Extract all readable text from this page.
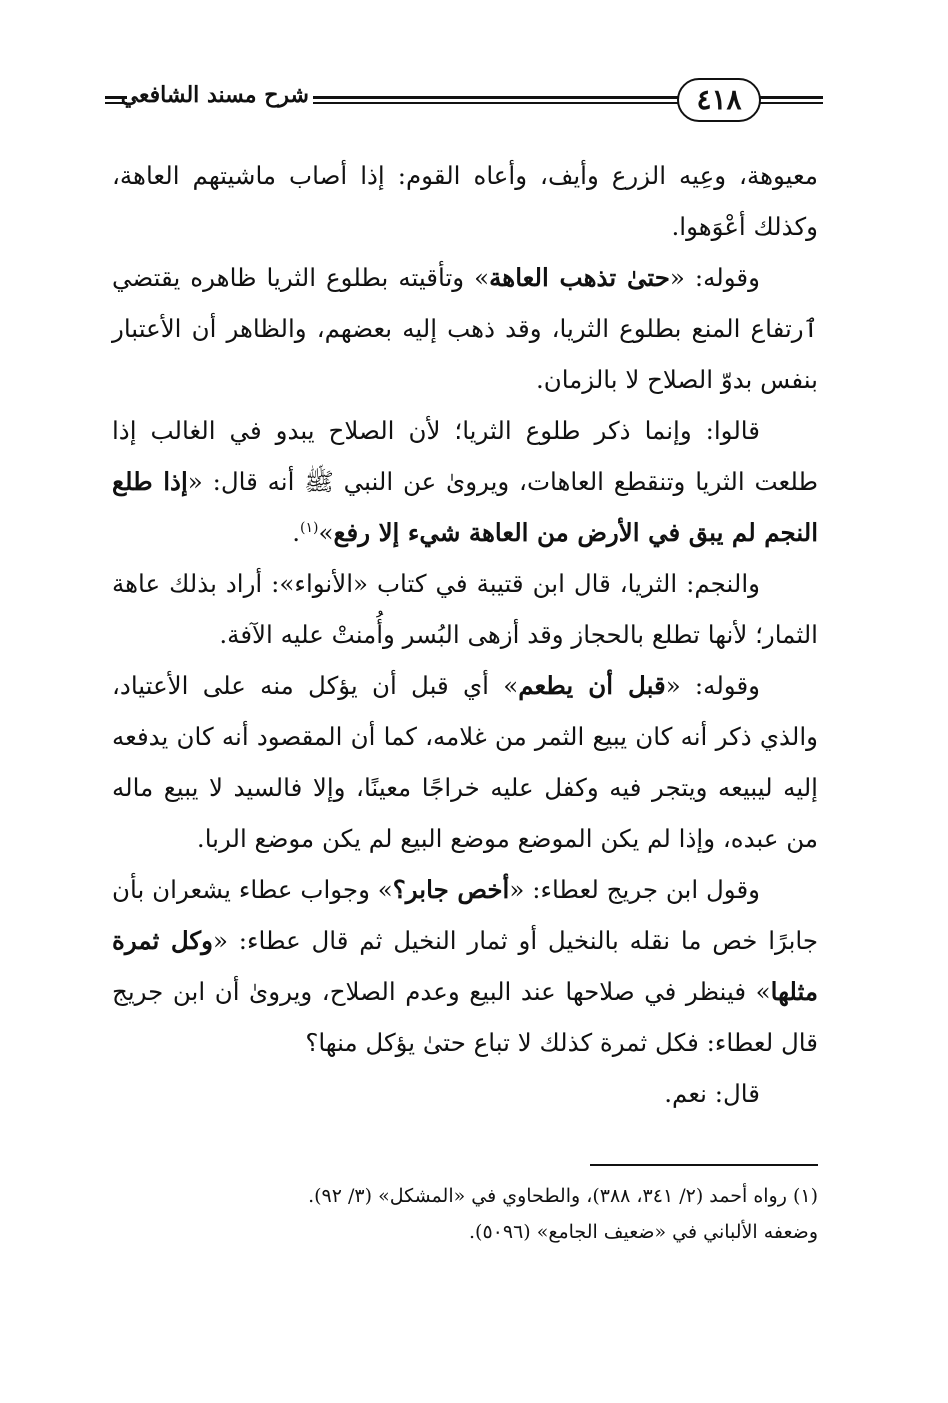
٤١٨
شرح مسند الشافعي

معيوهة، وعِيه الزرع وأيف، وأعاه القوم: إذا أصاب ماشيتهم العاهة، وكذلك أعْوَهوا.

وقوله: «حتىٰ تذهب العاهة» وتأقيته بطلوع الثريا ظاهره يقتضي ٱرتفاع المنع بطلوع الثريا، وقد ذهب إليه بعضهم، والظاهر أن الأعتبار بنفس بدوّ الصلاح لا بالزمان.

قالوا: وإنما ذكر طلوع الثريا؛ لأن الصلاح يبدو في الغالب إذا طلعت الثريا وتنقطع العاهات، ويروىٰ عن النبي ﷺ أنه قال: «إذا طلع النجم لم يبق في الأرض من العاهة شيء إلا رفع»$^{(١)}$.

والنجم: الثريا، قال ابن قتيبة في كتاب «الأنواء»: أراد بذلك عاهة الثمار؛ لأنها تطلع بالحجاز وقد أزهى البُسر وأُمنتْ عليه الآفة.

وقوله: «قبل أن يطعم» أي قبل أن يؤكل منه على الأعتياد، والذي ذكر أنه كان يبيع الثمر من غلامه، كما أن المقصود أنه كان يدفعه إليه ليبيعه ويتجر فيه وكفل عليه خراجًا معينًا، وإلا فالسيد لا يبيع ماله من عبده، وإذا لم يكن الموضع موضع البيع لم يكن موضع الربا.

وقول ابن جريج لعطاء: «أخص جابر؟» وجواب عطاء يشعران بأن جابرًا خص ما نقله بالنخيل أو ثمار النخيل ثم قال عطاء: «وكل ثمرة مثلها» فينظر في صلاحها عند البيع وعدم الصلاح، ويروىٰ أن ابن جريج قال لعطاء: فكل ثمرة كذلك لا تباع حتىٰ يؤكل منها؟

قال: نعم.

(١) رواه أحمد (٢/ ٣٤١، ٣٨٨)، والطحاوي في «المشكل» (٣/ ٩٢).

وضعفه الألباني في «ضعيف الجامع» (٥٠٩٦).
